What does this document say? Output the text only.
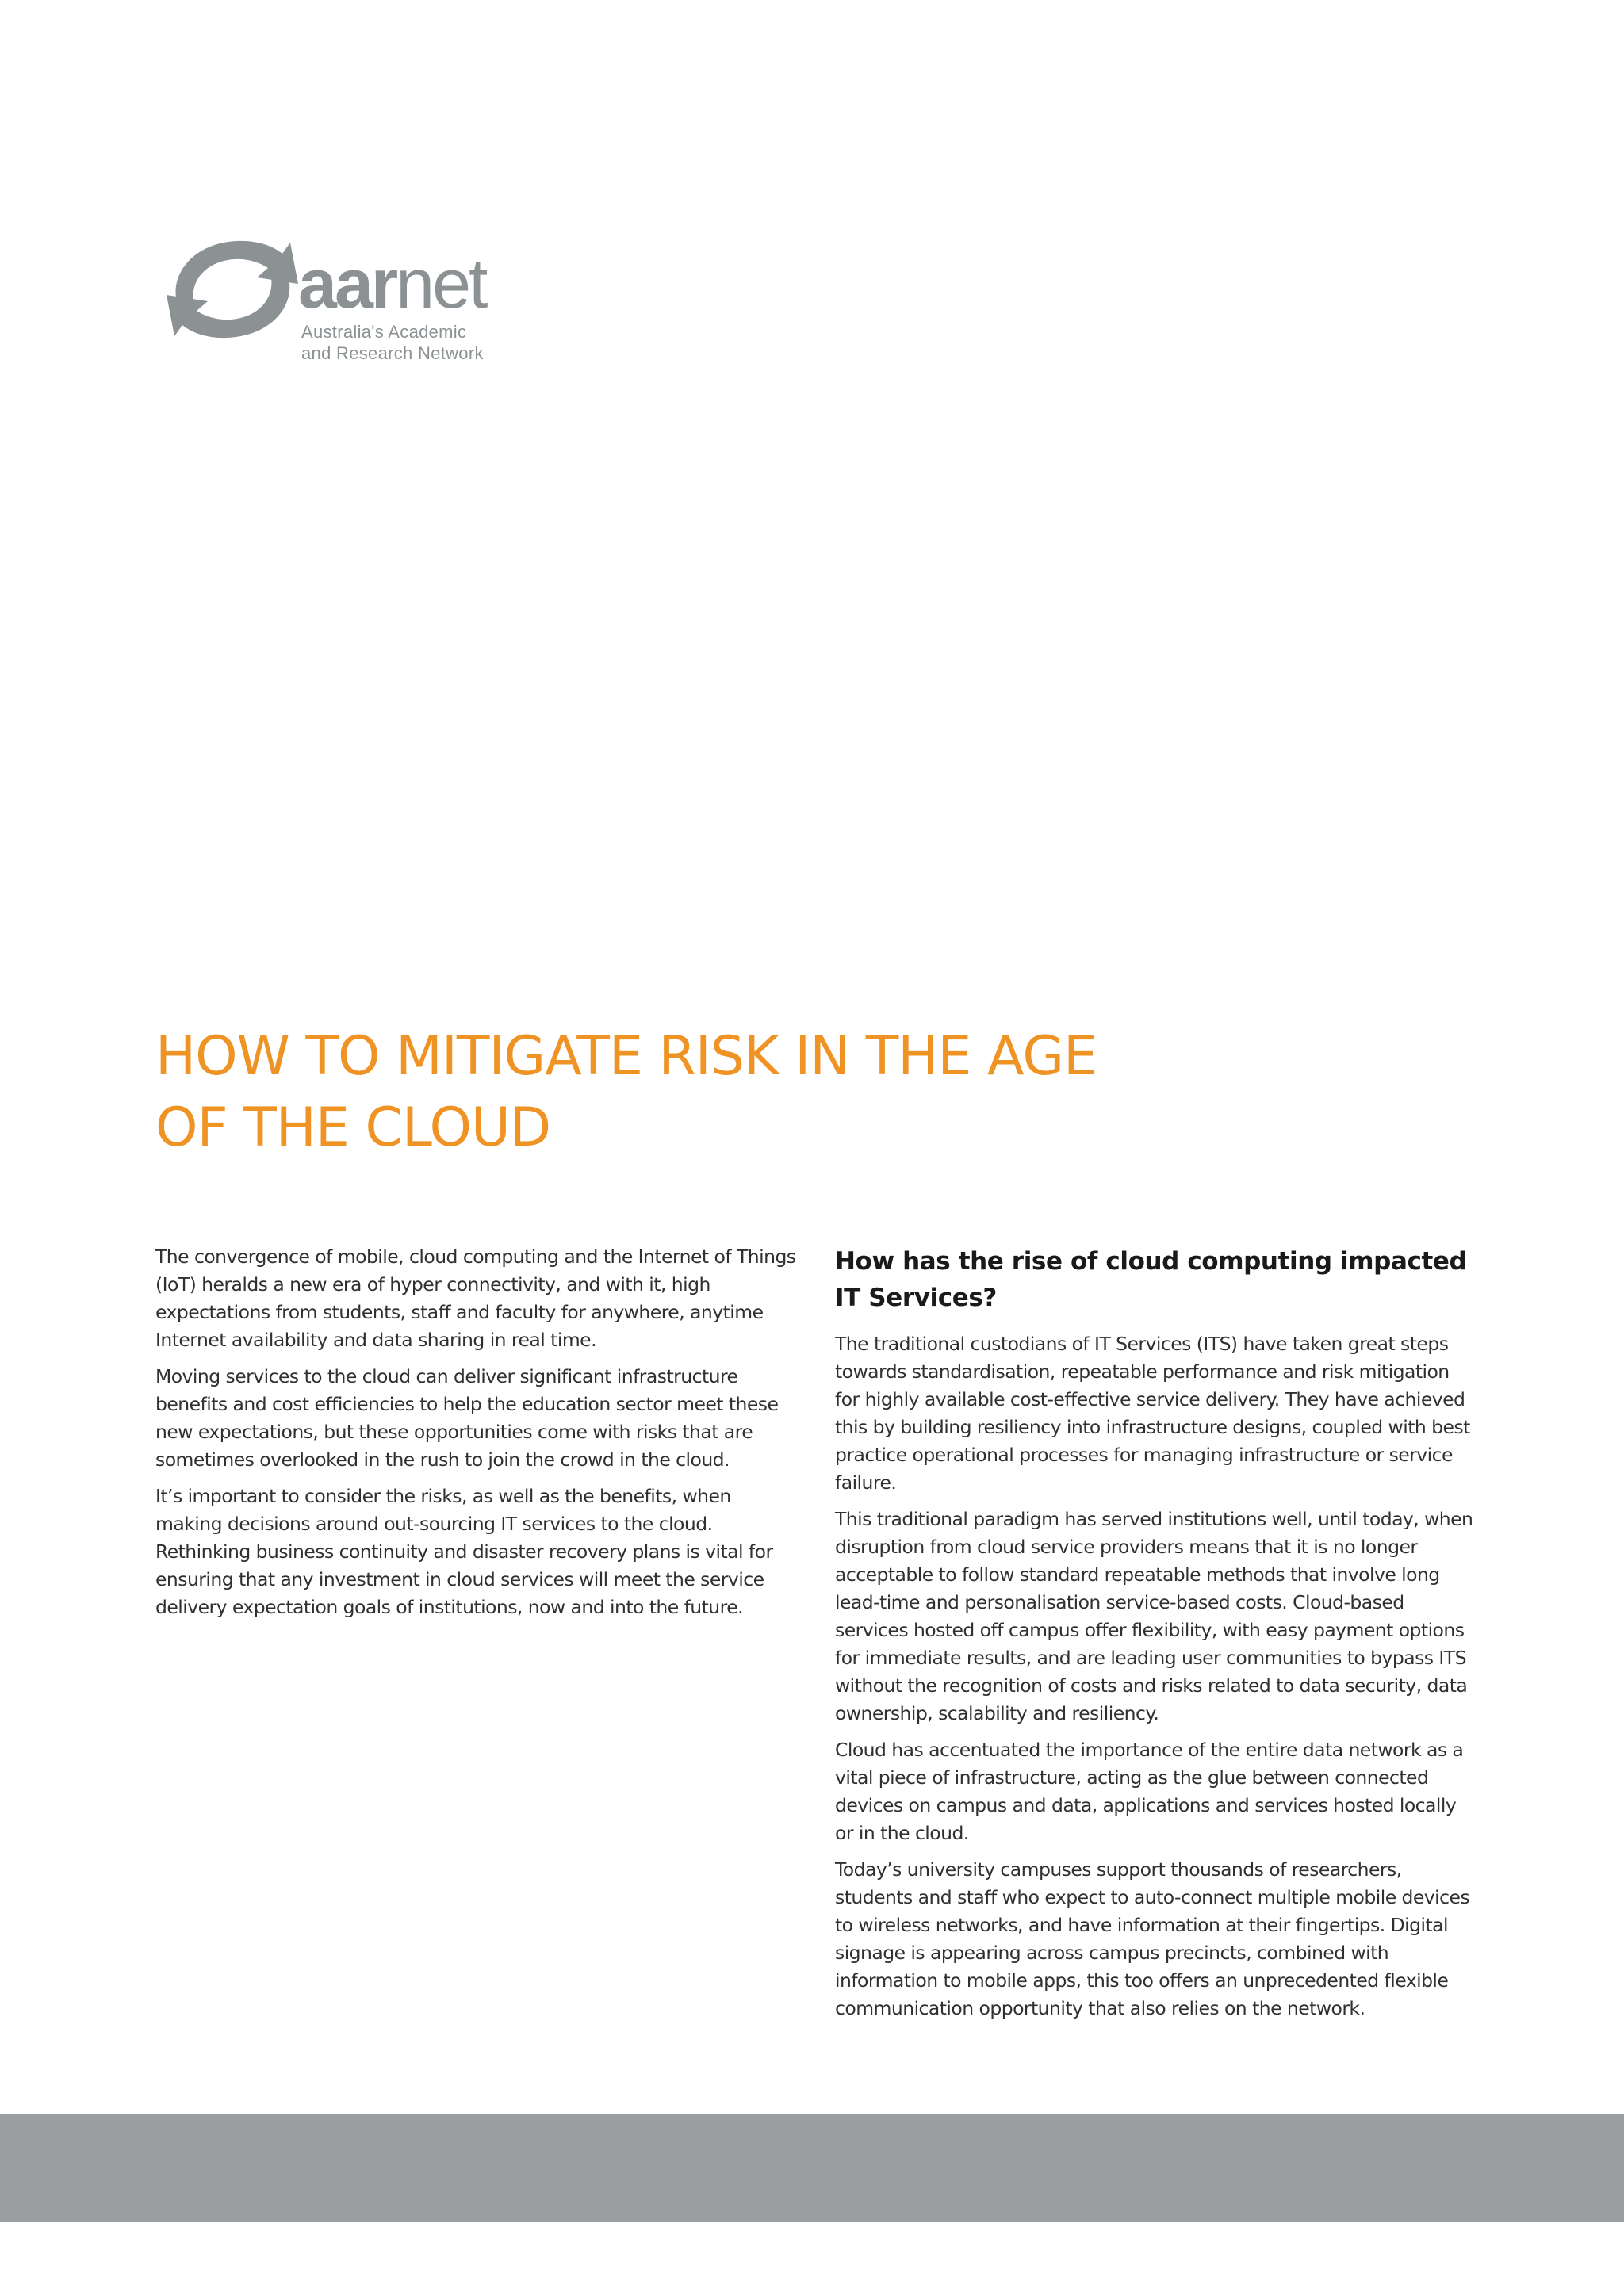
aarnet
Australia's Academic
and Research Network
HOW TO MITIGATE RISK IN THE AGE
OF THE CLOUD

The convergence of mobile, cloud computing and the Internet of Things (IoT) heralds a new era of hyper connectivity, and with it, high expectations from students, staff and faculty for anywhere, anytime Internet availability and data sharing in real time.

Moving services to the cloud can deliver significant infrastructure benefits and cost efficiencies to help the education sector meet these new expectations, but these opportunities come with risks that are sometimes overlooked in the rush to join the crowd in the cloud.

It’s important to consider the risks, as well as the benefits, when making decisions around out-sourcing IT services to the cloud. Rethinking business continuity and disaster recovery plans is vital for ensuring that any investment in cloud services will meet the service delivery expectation goals of institutions, now and into the future.

How has the rise of cloud computing impacted
IT Services?

The traditional custodians of IT Services (ITS) have taken great steps towards standardisation, repeatable performance and risk mitigation for highly available cost-effective service delivery. They have achieved this by building resiliency into infrastructure designs, coupled with best practice operational processes for managing infrastructure or service failure.

This traditional paradigm has served institutions well, until today, when disruption from cloud service providers means that it is no longer acceptable to follow standard repeatable methods that involve long lead-time and personalisation service-based costs. Cloud-based services hosted off campus offer flexibility, with easy payment options for immediate results, and are leading user communities to bypass ITS without the recognition of costs and risks related to data security, data ownership, scalability and resiliency.

Cloud has accentuated the importance of the entire data network as a vital piece of infrastructure, acting as the glue between connected devices on campus and data, applications and services hosted locally or in the cloud.

Today’s university campuses support thousands of researchers, students and staff who expect to auto-connect multiple mobile devices to wireless networks, and have information at their fingertips. Digital signage is appearing across campus precincts, combined with information to mobile apps, this too offers an unprecedented flexible communication opportunity that also relies on the network.
